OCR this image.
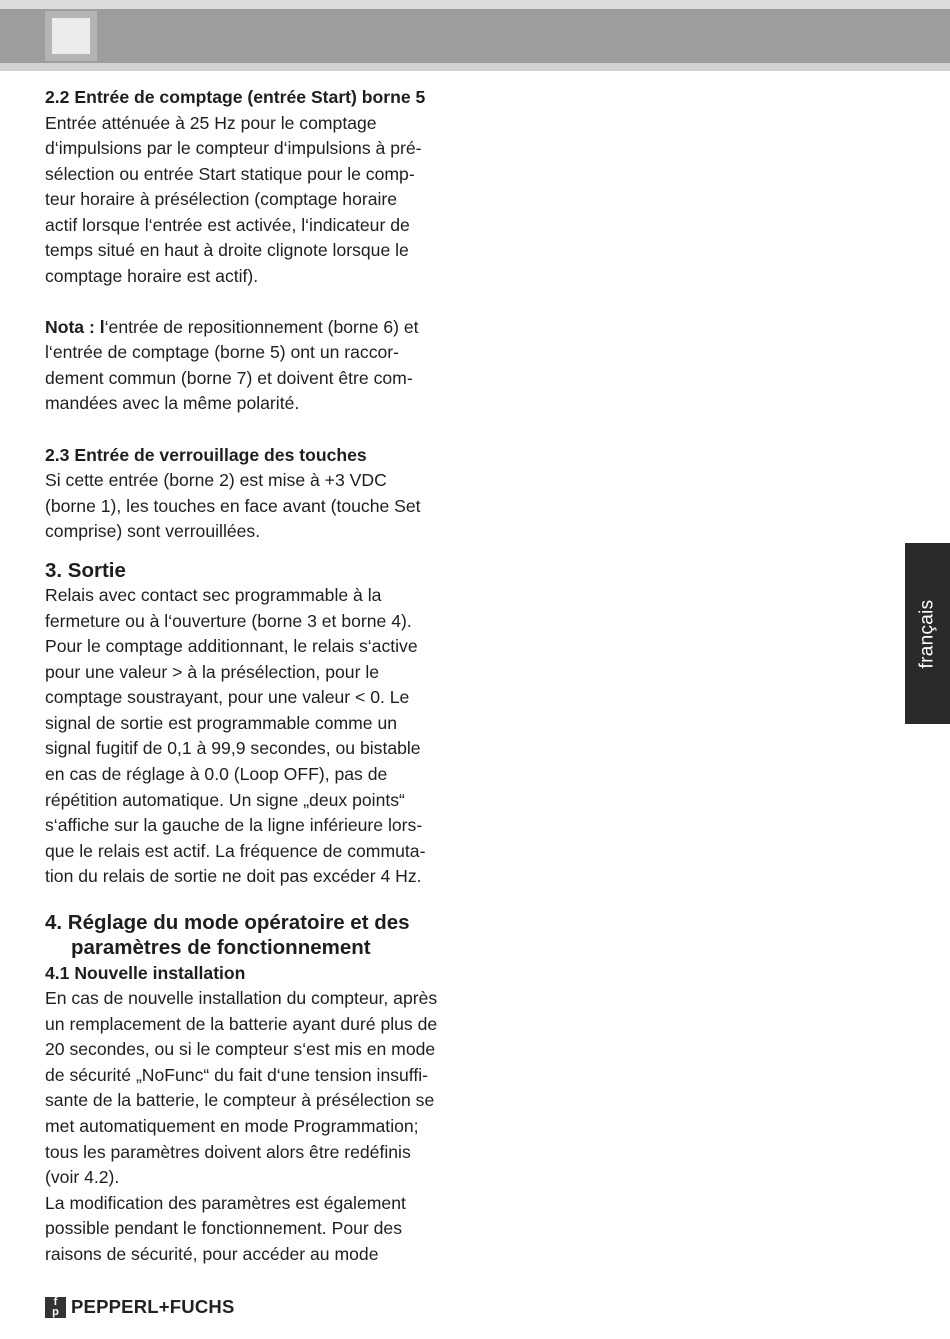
2.2 Entrée de comptage (entrée Start) borne 5

Entrée atténuée à 25 Hz pour le comptage

d‘impulsions par le compteur d‘impulsions à pré-

sélection ou entrée Start statique pour le comp-

teur horaire à présélection (comptage horaire

actif lorsque l‘entrée est activée, l‘indicateur de

temps situé en haut à droite clignote lorsque le

comptage horaire est actif).

Nota : l‘entrée de repositionnement (borne 6) et

l‘entrée de comptage (borne 5) ont un raccor-

dement commun (borne 7) et doivent être com-

mandées avec la même polarité.

2.3 Entrée de verrouillage des touches

Si cette entrée (borne 2) est mise à +3 VDC

(borne 1), les touches en face avant (touche Set

comprise) sont verrouillées.

3. Sortie

Relais avec contact sec programmable à la

fermeture ou à l‘ouverture (borne 3 et borne 4).

Pour le comptage additionnant, le relais s‘active

pour une valeur > à la présélection, pour le

comptage soustrayant, pour une valeur < 0. Le

signal de sortie est programmable comme un

signal fugitif de 0,1 à 99,9 secondes, ou bistable

en cas de réglage à 0.0 (Loop OFF), pas de

répétition automatique. Un signe „deux points“

s‘affiche sur la gauche de la ligne inférieure lors-

que le relais est actif. La fréquence de commuta-

tion du relais de sortie ne doit pas excéder 4 Hz.

4. Réglage du mode opératoire et des

paramètres de fonctionnement

4.1 Nouvelle installation

En cas de nouvelle installation du compteur, après

un remplacement de la batterie ayant duré plus de

20 secondes, ou si le compteur s‘est mis en mode

de sécurité „NoFunc“ du fait d‘une tension insuffi-

sante de la batterie, le compteur à présélection se

met automatiquement en mode Programmation;

tous les paramètres doivent alors être redéfinis

(voir 4.2).

La modification des paramètres est également

possible pendant le fonctionnement. Pour des

raisons de sécurité, pour accéder au mode

français
f
p PEPPERL+FUCHS
